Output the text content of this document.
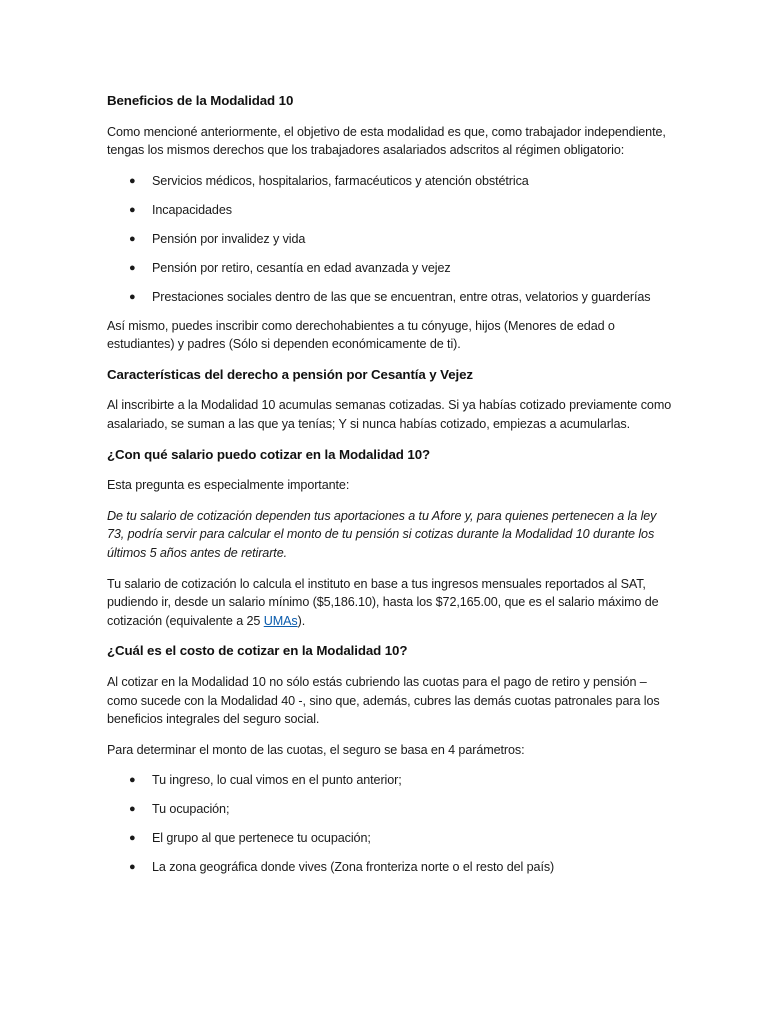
Beneficios de la Modalidad 10

Como mencioné anteriormente, el objetivo de esta modalidad es que, como trabajador independiente, tengas los mismos derechos que los trabajadores asalariados adscritos al régimen obligatorio:

● Servicios médicos, hospitalarios, farmacéuticos y atención obstétrica
● Incapacidades
● Pensión por invalidez y vida
● Pensión por retiro, cesantía en edad avanzada y vejez
● Prestaciones sociales dentro de las que se encuentran, entre otras, velatorios y guarderías

Así mismo, puedes inscribir como derechohabientes a tu cónyuge, hijos (Menores de edad o estudiantes) y padres (Sólo si dependen económicamente de ti).

Características del derecho a pensión por Cesantía y Vejez

Al inscribirte a la Modalidad 10 acumulas semanas cotizadas. Si ya habías cotizado previamente como asalariado, se suman a las que ya tenías; Y si nunca habías cotizado, empiezas a acumularlas.

¿Con qué salario puedo cotizar en la Modalidad 10?

Esta pregunta es especialmente importante:

De tu salario de cotización dependen tus aportaciones a tu Afore y, para quienes pertenecen a la ley 73, podría servir para calcular el monto de tu pensión si cotizas durante la Modalidad 10 durante los últimos 5 años antes de retirarte.

Tu salario de cotización lo calcula el instituto en base a tus ingresos mensuales reportados al SAT, pudiendo ir, desde un salario mínimo ($5,186.10), hasta los $72,165.00, que es el salario máximo de cotización (equivalente a 25 UMAs).

¿Cuál es el costo de cotizar en la Modalidad 10?

Al cotizar en la Modalidad 10 no sólo estás cubriendo las cuotas para el pago de retiro y pensión – como sucede con la Modalidad 40 -, sino que, además, cubres las demás cuotas patronales para los beneficios integrales del seguro social.

Para determinar el monto de las cuotas, el seguro se basa en 4 parámetros:

● Tu ingreso, lo cual vimos en el punto anterior;
● Tu ocupación;
● El grupo al que pertenece tu ocupación;
● La zona geográfica donde vives (Zona fronteriza norte o el resto del país)
